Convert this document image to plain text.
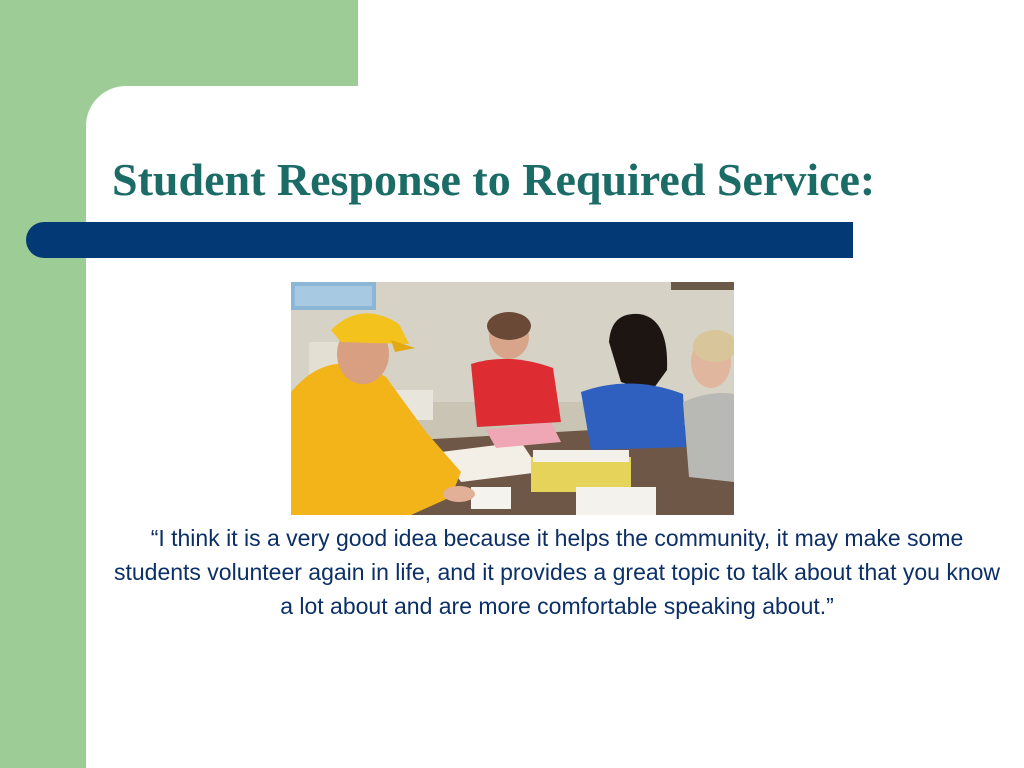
Student Response to Required Service:

“I think it is a very good idea because it helps the community, it may make some students volunteer again in life, and it provides a great topic to talk about that you know a lot about and are more comfortable speaking about.”
